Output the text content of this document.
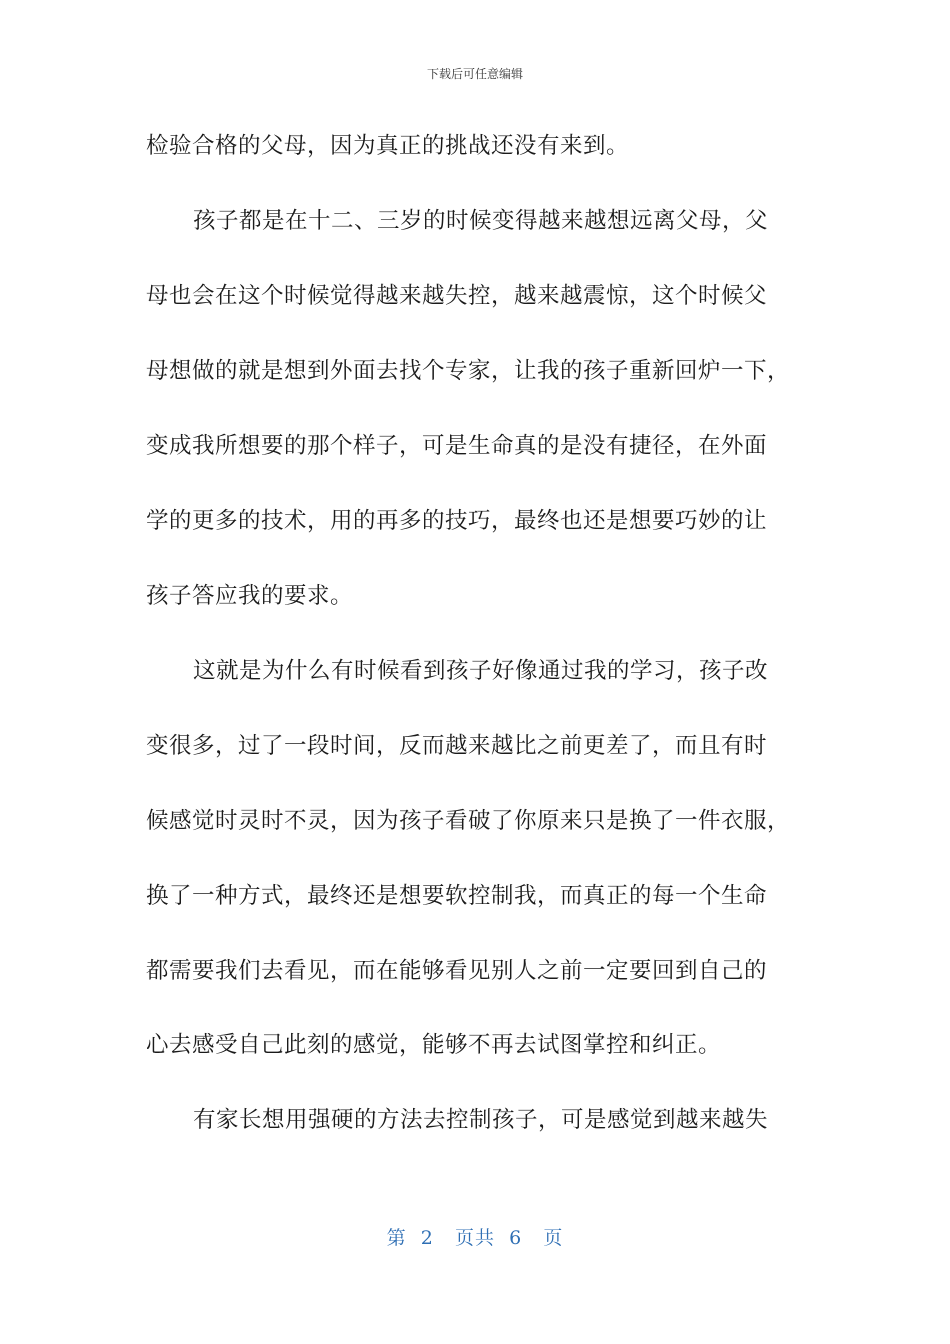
下载后可任意编辑
检验合格的父母，因为真正的挑战还没有来到。
孩子都是在十二、三岁的时候变得越来越想远离父母，父
母也会在这个时候觉得越来越失控，越来越震惊，这个时候父
母想做的就是想到外面去找个专家，让我的孩子重新回炉一下，
变成我所想要的那个样子，可是生命真的是没有捷径，在外面
学的更多的技术，用的再多的技巧，最终也还是想要巧妙的让
孩子答应我的要求。
这就是为什么有时候看到孩子好像通过我的学习，孩子改
变很多，过了一段时间，反而越来越比之前更差了，而且有时
候感觉时灵时不灵，因为孩子看破了你原来只是换了一件衣服，
换了一种方式，最终还是想要软控制我，而真正的每一个生命
都需要我们去看见，而在能够看见别人之前一定要回到自己的
心去感受自己此刻的感觉，能够不再去试图掌控和纠正。
有家长想用强硬的方法去控制孩子，可是感觉到越来越失
第 2 页共 6 页
